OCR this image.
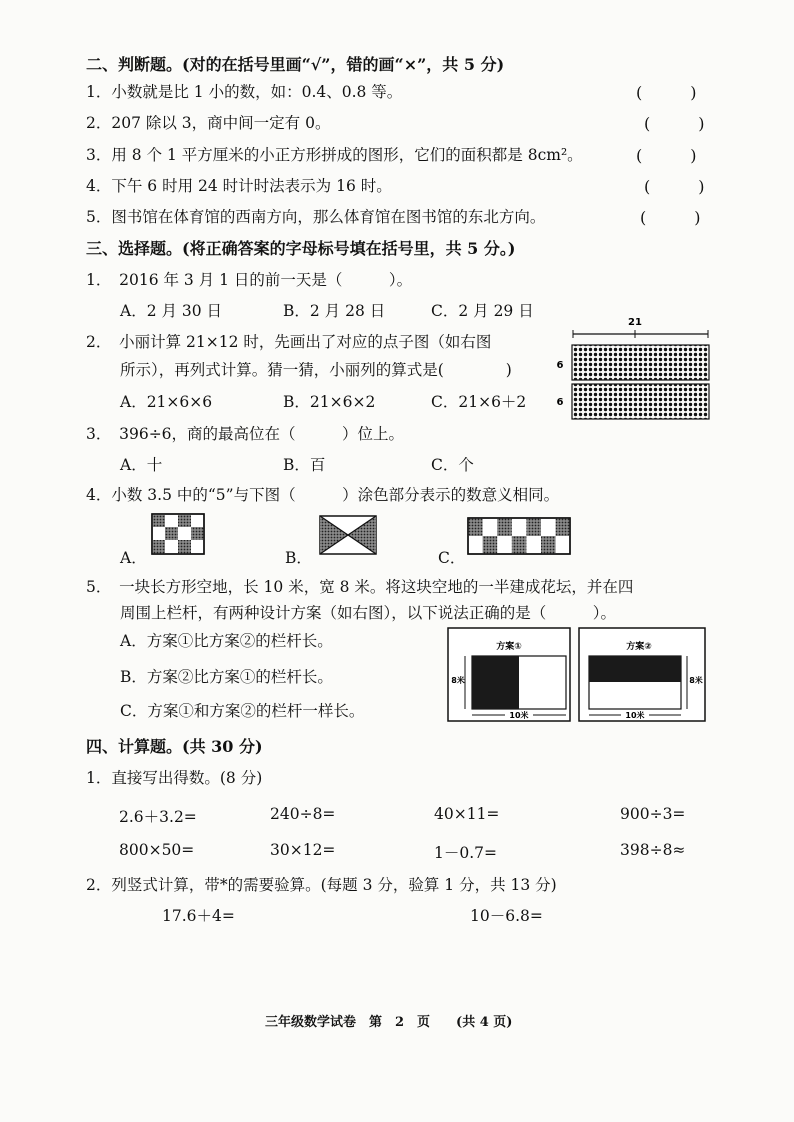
二、判断题。(对的在括号里画“√”，错的画“×”，共 5 分)
1．小数就是比 1 小的数，如：0.4、0.8 等。	(　　　)
2．207 除以 3，商中间一定有 0。	(　　　)
3．用 8 个 1 平方厘米的小正方形拼成的图形，它们的面积都是 8cm²。	(　　　)
4．下午 6 时用 24 时计时法表示为 16 时。	(　　　)
5．图书馆在体育馆的西南方向，那么体育馆在图书馆的东北方向。	(　　　)
三、选择题。(将正确答案的字母标号填在括号里，共 5 分。)
1．　2016 年 3 月 1 日的前一天是（　　　）。
A．2 月 30 日	B．2 月 28 日	C．2 月 29 日
2．　小丽计算 21×12 时，先画出了对应的点子图（如右图
所示），再列式计算。猜一猜，小丽列的算式是(　　　　)
A．21×6×6	B．21×6×2	C．21×6＋2
21
6
6
3．　396÷6，商的最高位在（　　　）位上。
A．十	B．百	C．个
4．小数 3.5 中的“5”与下图（　　　）涂色部分表示的数意义相同。
A．	B．	C．
5．　一块长方形空地，长 10 米，宽 8 米。将这块空地的一半建成花坛，并在四
周围上栏杆，有两种设计方案（如右图），以下说法正确的是（　　　）。
A．方案①比方案②的栏杆长。
B．方案②比方案①的栏杆长。
C．方案①和方案②的栏杆一样长。
方案①
8米
10米
方案②
8米
10米
四、计算题。(共 30 分)
1．直接写出得数。(8 分)
2.6＋3.2=	240÷8=	40×11=	900÷3=
800×50=	30×12=	1－0.7=	398÷8≈
2．列竖式计算，带*的需要验算。(每题 3 分，验算 1 分，共 13 分)
17.6＋4=	10－6.8=
三年级数学试卷　第　2　页　　(共 4 页)
